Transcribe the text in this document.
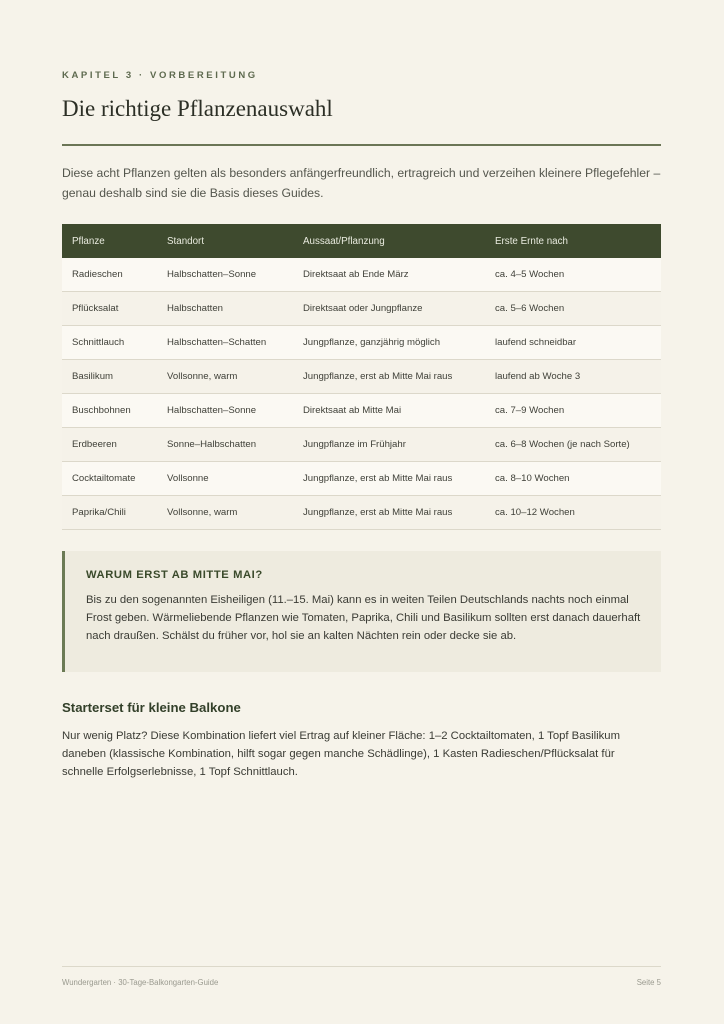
KAPITEL 3 · VORBEREITUNG
Die richtige Pflanzenauswahl

Diese acht Pflanzen gelten als besonders anfängerfreundlich, ertragreich und verzeihen kleinere Pflegefehler – genau deshalb sind sie die Basis dieses Guides.

Pflanze	Standort	Aussaat/Pflanzung	Erste Ernte nach
Radieschen	Halbschatten–Sonne	Direktsaat ab Ende März	ca. 4–5 Wochen
Pflücksalat	Halbschatten	Direktsaat oder Jungpflanze	ca. 5–6 Wochen
Schnittlauch	Halbschatten–Schatten	Jungpflanze, ganzjährig möglich	laufend schneidbar
Basilikum	Vollsonne, warm	Jungpflanze, erst ab Mitte Mai raus	laufend ab Woche 3
Buschbohnen	Halbschatten–Sonne	Direktsaat ab Mitte Mai	ca. 7–9 Wochen
Erdbeeren	Sonne–Halbschatten	Jungpflanze im Frühjahr	ca. 6–8 Wochen (je nach Sorte)
Cocktailtomate	Vollsonne	Jungpflanze, erst ab Mitte Mai raus	ca. 8–10 Wochen
Paprika/Chili	Vollsonne, warm	Jungpflanze, erst ab Mitte Mai raus	ca. 10–12 Wochen
WARUM ERST AB MITTE MAI?

Bis zu den sogenannten Eisheiligen (11.–15. Mai) kann es in weiten Teilen Deutschlands nachts noch einmal Frost geben. Wärmeliebende Pflanzen wie Tomaten, Paprika, Chili und Basilikum sollten erst danach dauerhaft nach draußen. Schälst du früher vor, hol sie an kalten Nächten rein oder decke sie ab.

Starterset für kleine Balkone

Nur wenig Platz? Diese Kombination liefert viel Ertrag auf kleiner Fläche: 1–2 Cocktailtomaten, 1 Topf Basilikum daneben (klassische Kombination, hilft sogar gegen manche Schädlinge), 1 Kasten Radieschen/Pflücksalat für schnelle Erfolgserlebnisse, 1 Topf Schnittlauch.

Wundergarten · 30-Tage-Balkongarten-Guide	Seite 5
